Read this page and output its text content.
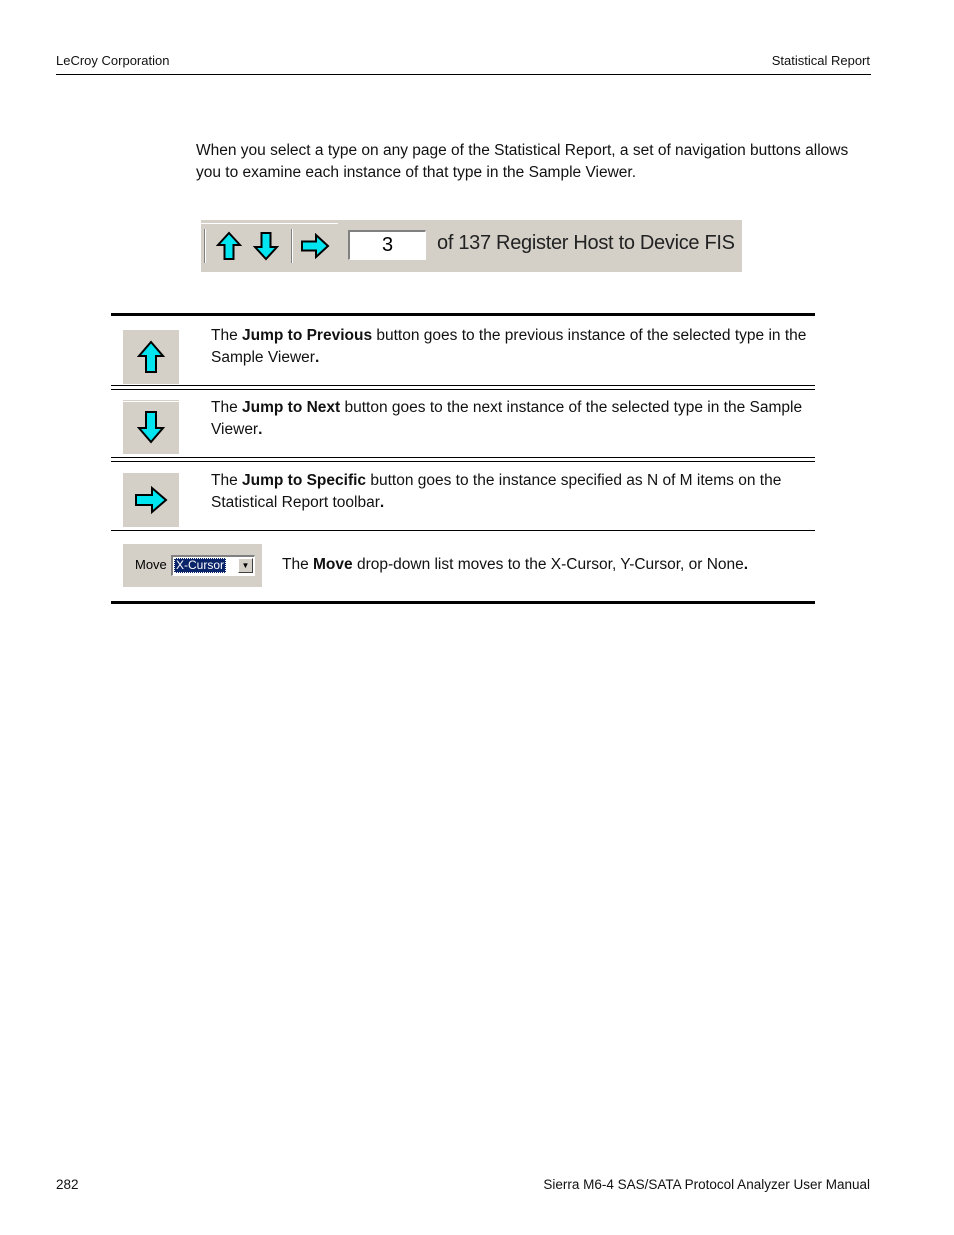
LeCroy Corporation	Statistical Report

When you select a type on any page of the Statistical Report, a set of navigation buttons allows you to examine each instance of that type in the Sample Viewer.

3	of 137 Register Host to Device FIS
The Jump to Previous button goes to the previous instance of the selected type in the Sample Viewer.
The Jump to Next button goes to the next instance of the selected type in the Sample Viewer.
The Jump to Specific button goes to the instance specified as N of M items on the Statistical Report toolbar.
Move X-Cursor	▼ The Move drop-down list moves to the X-Cursor, Y-Cursor, or None.
282	Sierra M6-4 SAS/SATA Protocol Analyzer User Manual
